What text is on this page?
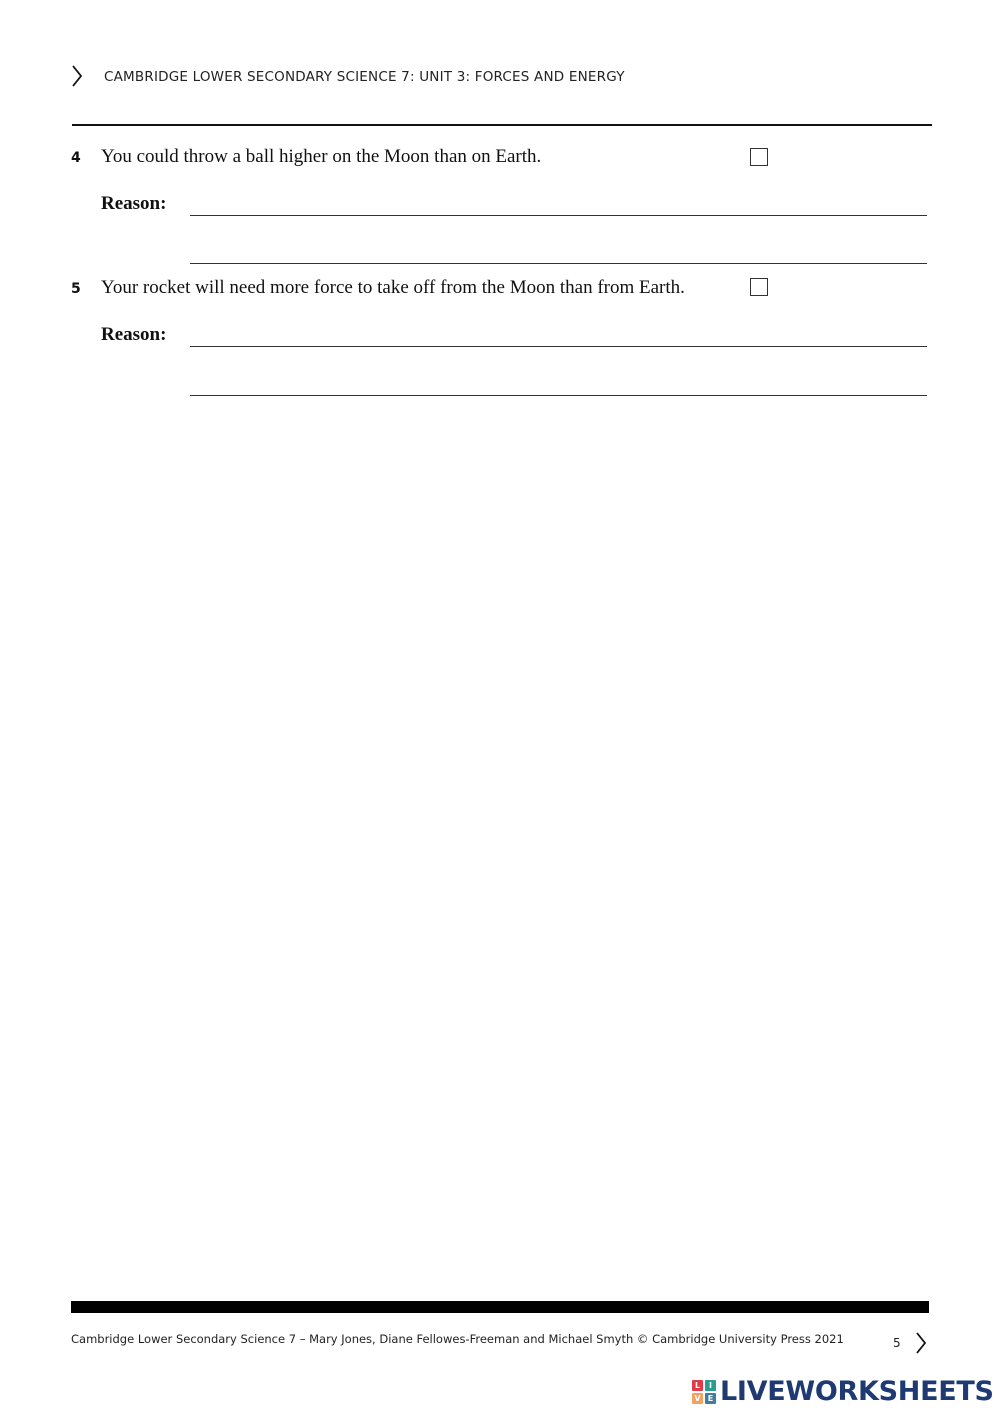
CAMBRIDGE LOWER SECONDARY SCIENCE 7: UNIT 3: FORCES AND ENERGY
4 You could throw a ball higher on the Moon than on Earth.
Reason:
5 Your rocket will need more force to take off from the Moon than from Earth.
Reason:
Cambridge Lower Secondary Science 7 – Mary Jones, Diane Fellowes-Freeman and Michael Smyth © Cambridge University Press 2021	5
L	I
V E LIVEWORKSHEETS
